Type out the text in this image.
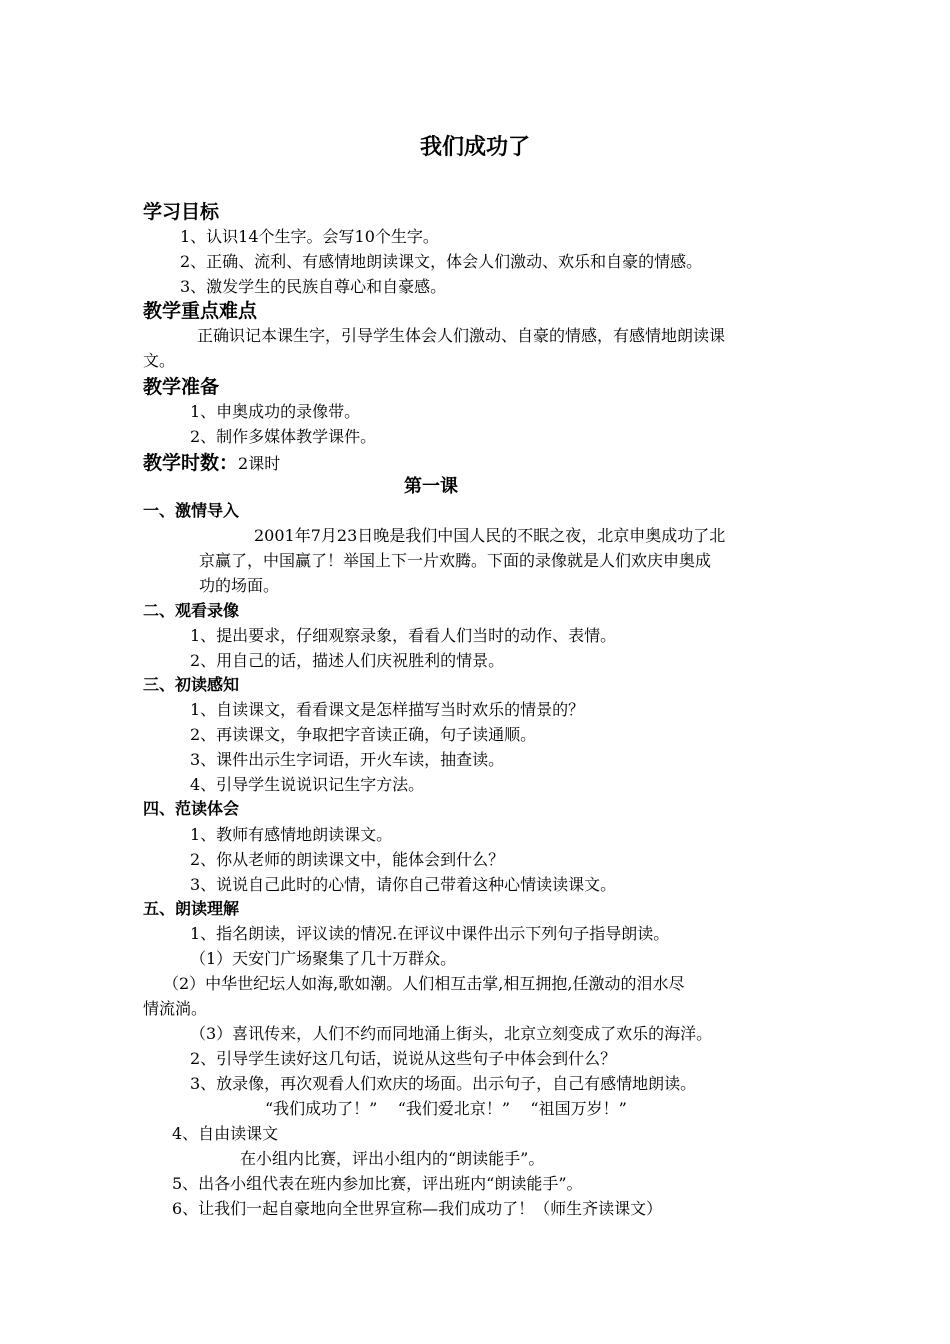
我们成功了
学习目标
1、认识14个生字。会写10个生字。
2、正确、流利、有感情地朗读课文，体会人们激动、欢乐和自豪的情感。
3、激发学生的民族自尊心和自豪感。
教学重点难点
正确识记本课生字，引导学生体会人们激动、自豪的情感，有感情地朗读课
文。
教学准备
1、申奥成功的录像带。
2、制作多媒体教学课件。
教学时数：2课时
第一课
一、激情导入
2001年7月23日晚是我们中国人民的不眠之夜，北京申奥成功了北
京赢了，中国赢了！举国上下一片欢腾。下面的录像就是人们欢庆申奥成
功的场面。
二、观看录像
1、提出要求，仔细观察录象，看看人们当时的动作、表情。
2、用自己的话，描述人们庆祝胜利的情景。
三、初读感知
1、自读课文，看看课文是怎样描写当时欢乐的情景的？
2、再读课文，争取把字音读正确，句子读通顺。
3、课件出示生字词语，开火车读，抽查读。
4、引导学生说说识记生字方法。
四、范读体会
1、教师有感情地朗读课文。
2、你从老师的朗读课文中，能体会到什么？
3、说说自己此时的心情，请你自己带着这种心情读读课文。
五、朗读理解
1、指名朗读，评议读的情况.在评议中课件出示下列句子指导朗读。
（1）天安门广场聚集了几十万群众。
（2）中华世纪坛人如海,歌如潮。人们相互击掌,相互拥抱,任激动的泪水尽
情流淌。
（3）喜讯传来，人们不约而同地涌上街头，北京立刻变成了欢乐的海洋。
2、引导学生读好这几句话，说说从这些句子中体会到什么？
3、放录像，再次观看人们欢庆的场面。出示句子，自己有感情地朗读。
“我们成功了！”    “我们爱北京！”    “祖国万岁！”
4、自由读课文
在小组内比赛，评出小组内的“朗读能手”。
5、出各小组代表在班内参加比赛，评出班内“朗读能手”。
6、让我们一起自豪地向全世界宣称—我们成功了！（师生齐读课文）
